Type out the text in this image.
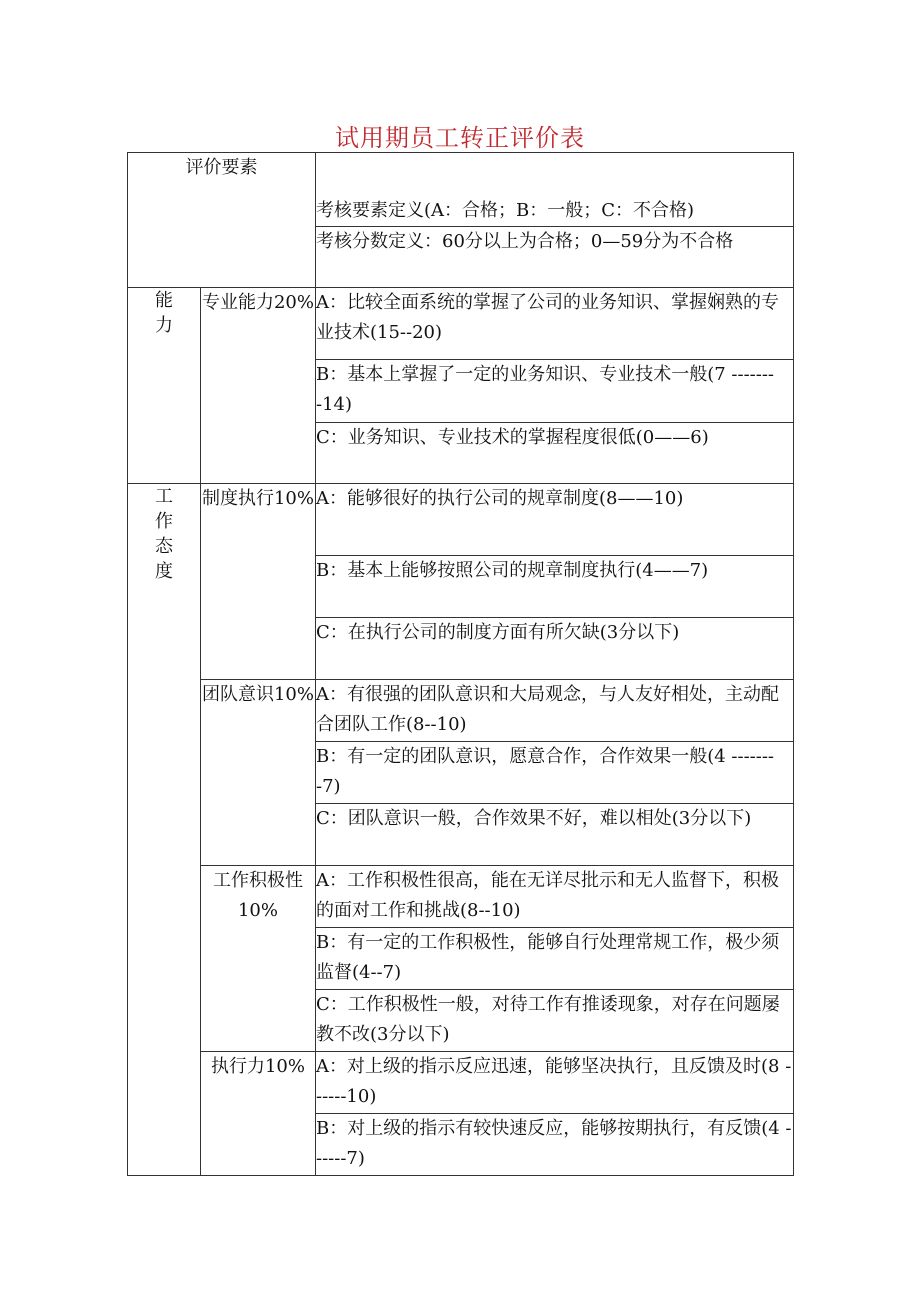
试用期员工转正评价表
评价要素		考核要素定义(A：合格；B：一般；C：不合格)
		考核分数定义：60分以上为合格；0—59分为不合格
能力	专业能力20%	A：比较全面系统的掌握了公司的业务知识、掌握娴熟的专业技术(15--20)
		B：基本上掌握了一定的业务知识、专业技术一般(7 --------14)
		C：业务知识、专业技术的掌握程度很低(0——6)
工作态度	制度执行10%	A：能够很好的执行公司的规章制度(8——10)
		B：基本上能够按照公司的规章制度执行(4——7)
		C：在执行公司的制度方面有所欠缺(3分以下)
	团队意识10%	A：有很强的团队意识和大局观念，与人友好相处，主动配合团队工作(8--10)
		B：有一定的团队意识，愿意合作，合作效果一般(4 --------7)
		C：团队意识一般，合作效果不好，难以相处(3分以下)
	工作积极性10%	A：工作积极性很高，能在无详尽批示和无人监督下，积极的面对工作和挑战(8--10)
		B：有一定的工作积极性，能够自行处理常规工作，极少须监督(4--7)
		C：工作积极性一般，对待工作有推诿现象，对存在问题屡教不改(3分以下)
	执行力10%	A：对上级的指示反应迅速，能够坚决执行，且反馈及时(8 ------10)
		B：对上级的指示有较快速反应，能够按期执行，有反馈(4 ------7)
